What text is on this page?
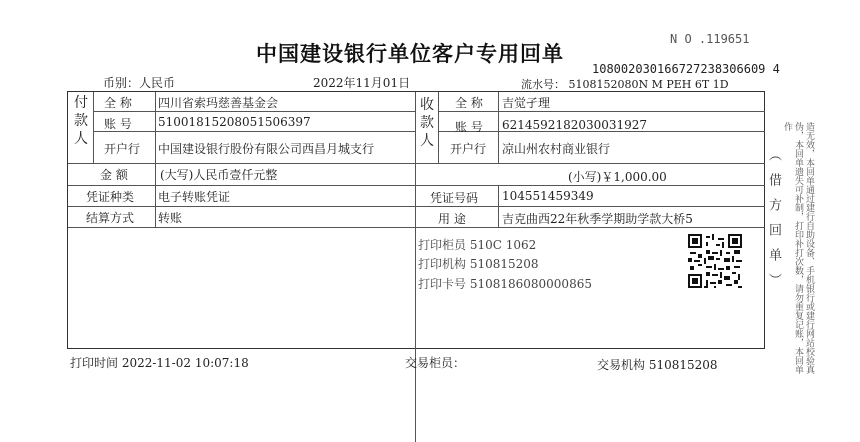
中国建设银行单位客户专用回单
N O .119651
108002030166727238306609 4
币别：人民币	2022年11月01日	流水号： 5108152080N M PEH 6T 1D
付款人
全 称 四川省索玛慈善基金会
账 号 51001815208051506397
开户行 中国建设银行股份有限公司西昌月城支行
收款人
全 称 吉觉孑理
账 号 6214592182030031927
开户行 凉山州农村商业银行
金 额	(大写)人民币壹仟元整	(小写)￥1,000.00
凭证种类 电子转账凭证	凭证号码 104551459349
结算方式 转账	用 途	吉克曲西22年秋季学期助学款大桥5
打印柜员 510C 1062
打印机构 510815208
打印卡号 5108186080000865	（借方回单）	造无效，本回单通过建行自助设备、手机银行或建行网站校验真伪，本回单遗失可补制，打印补打次数，请勿重复记账，本回单作
打印时间 2022-11-02 10:07:18	交易柜员：	交易机构 510815208
